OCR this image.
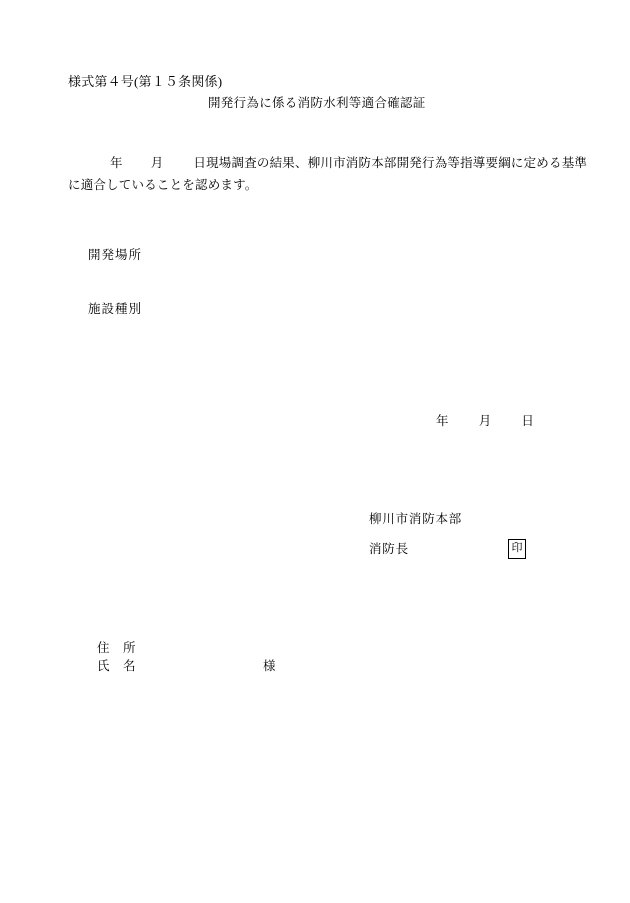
様式第４号(第１５条関係)
開発行為に係る消防水利等適合確認証
年 月 日現場調査の結果、柳川市消防本部開発行為等指導要綱に定める基準
に適合していることを認めます。
開発場所
施設種別
年 月 日
柳川市消防本部
消防長	印
住　所
氏　名	様
